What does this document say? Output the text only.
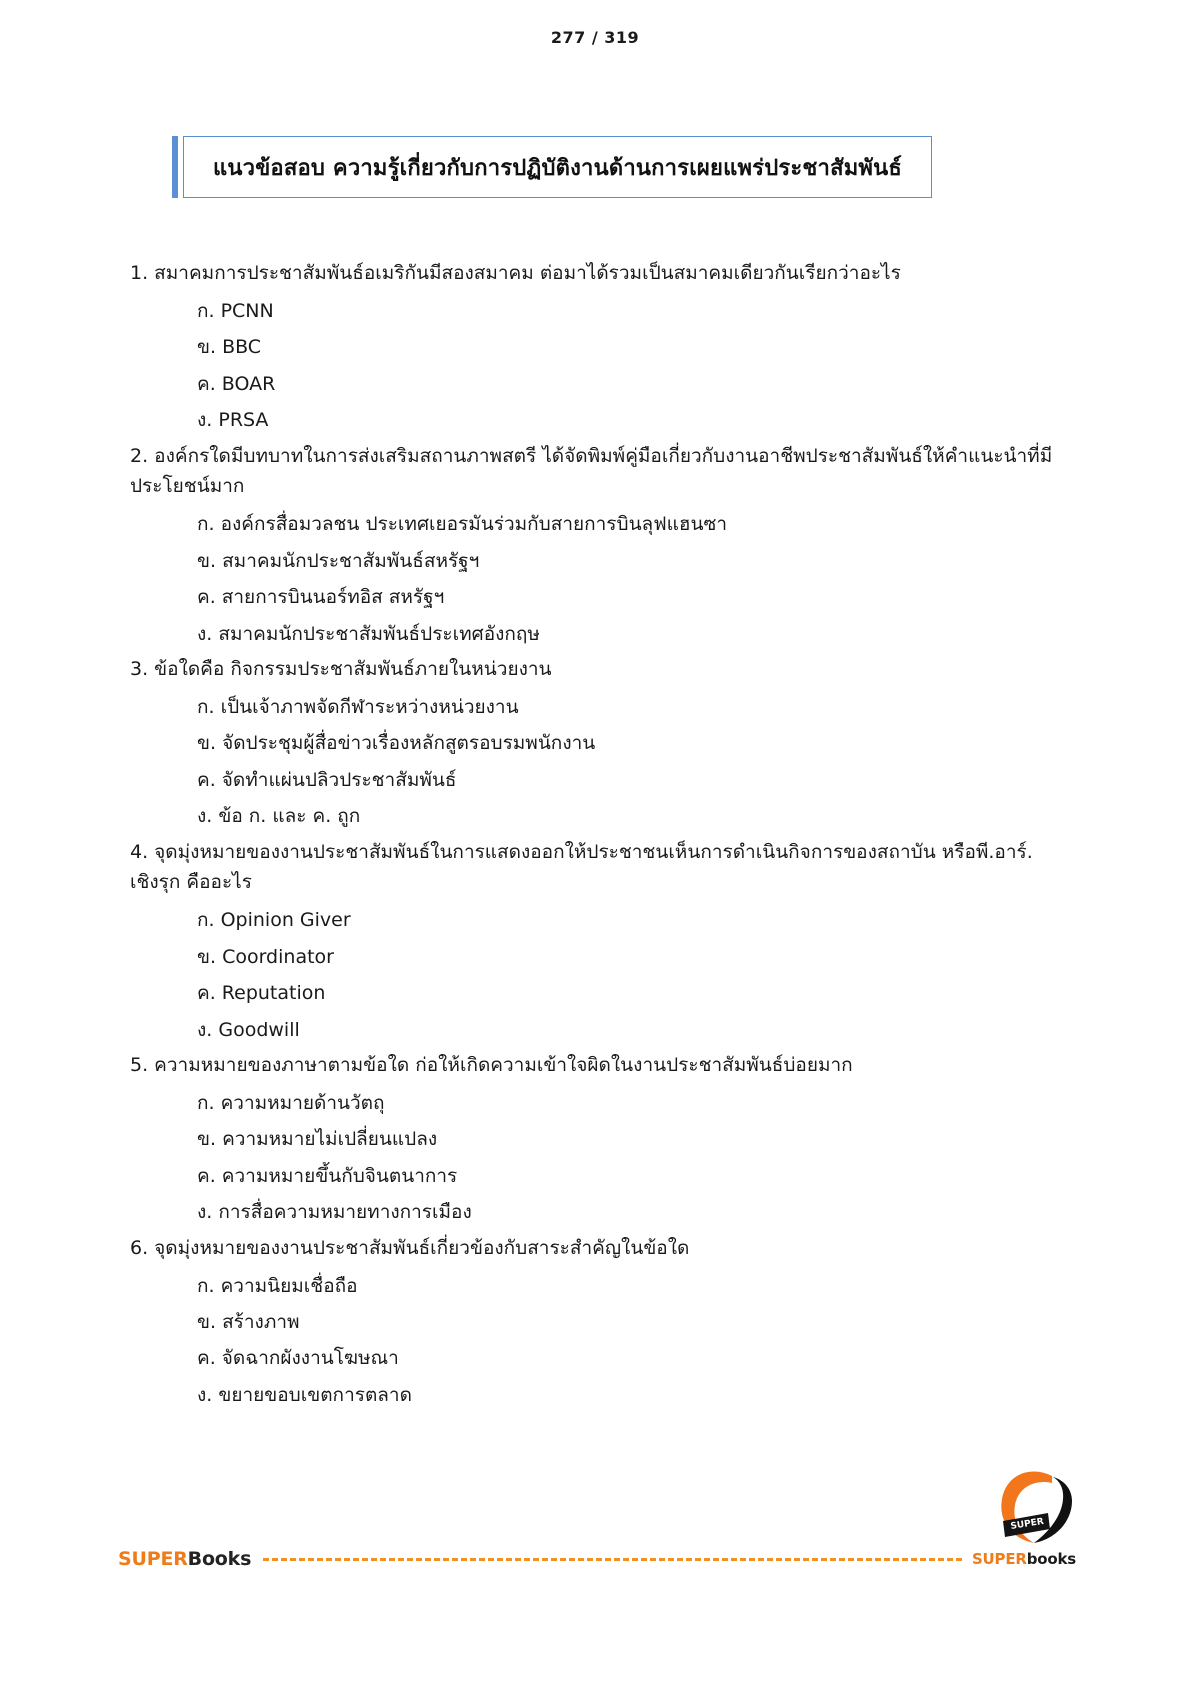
277 / 319
แนวข้อสอบ ความรู้เกี่ยวกับการปฏิบัติงานด้านการเผยแพร่ประชาสัมพันธ์

1. สมาคมการประชาสัมพันธ์อเมริกันมีสองสมาคม ต่อมาได้รวมเป็นสมาคมเดียวกันเรียกว่าอะไร

ก. PCNN
ข. BBC
ค. BOAR
ง. PRSA

2. องค์กรใดมีบทบาทในการส่งเสริมสถานภาพสตรี ได้จัดพิมพ์คู่มือเกี่ยวกับงานอาชีพประชาสัมพันธ์ให้คำแนะนำที่มีประโยชน์มาก

ก. องค์กรสื่อมวลชน ประเทศเยอรมันร่วมกับสายการบินลุฟแฮนซา
ข. สมาคมนักประชาสัมพันธ์สหรัฐฯ
ค. สายการบินนอร์ทอิส สหรัฐฯ
ง. สมาคมนักประชาสัมพันธ์ประเทศอังกฤษ

3. ข้อใดคือ กิจกรรมประชาสัมพันธ์ภายในหน่วยงาน

ก. เป็นเจ้าภาพจัดกีฬาระหว่างหน่วยงาน
ข. จัดประชุมผู้สื่อข่าวเรื่องหลักสูตรอบรมพนักงาน
ค. จัดทำแผ่นปลิวประชาสัมพันธ์
ง. ข้อ ก. และ ค. ถูก

4. จุดมุ่งหมายของงานประชาสัมพันธ์ในการแสดงออกให้ประชาชนเห็นการดำเนินกิจการของสถาบัน หรือพี.อาร์. เชิงรุก คืออะไร

ก. Opinion Giver
ข. Coordinator
ค. Reputation
ง. Goodwill

5. ความหมายของภาษาตามข้อใด ก่อให้เกิดความเข้าใจผิดในงานประชาสัมพันธ์บ่อยมาก

ก. ความหมายด้านวัตถุ
ข. ความหมายไม่เปลี่ยนแปลง
ค. ความหมายขึ้นกับจินตนาการ
ง. การสื่อความหมายทางการเมือง

6. จุดมุ่งหมายของงานประชาสัมพันธ์เกี่ยวข้องกับสาระสำคัญในข้อใด

ก. ความนิยมเชื่อถือ
ข. สร้างภาพ
ค. จัดฉากผังงานโฆษณา
ง. ขยายขอบเขตการตลาด
SUPER
SUPERBooks	SUPERbooks
